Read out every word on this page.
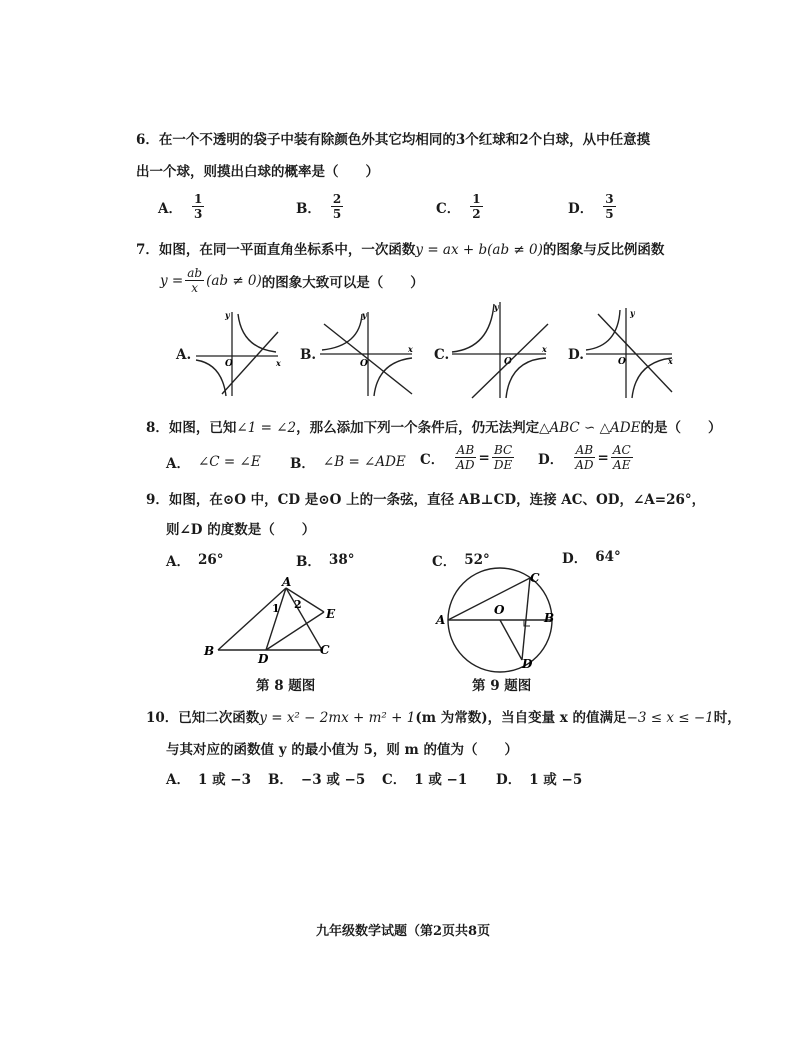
6．在一个不透明的袋子中装有除颜色外其它均相同的3个红球和2个白球，从中任意摸
出一个球，则摸出白球的概率是（　　）
A． $\frac{1}{3}$	B． $\frac{2}{5}$	C． $\frac{1}{2}$	D． $\frac{3}{5}$
7．如图，在同一平面直角坐标系中，一次函数y = ax + b(ab ≠ 0)的图象与反比例函数
$y = \frac{ab}{x} (ab \ne 0)$ 的图象大致可以是（　　）
A.	x
y
O
B.	x
y
O
C.	x
y
O	D.	x
y
O
8．如图，已知∠1 = ∠2，那么添加下列一个条件后，仍无法判定△ABC ∽ △ADE的是（　　）
A． ∠C = ∠E B． ∠B = ∠ADE C． $\frac{AB}{AD} = \frac{BC}{DE}$ D． $\frac{AB}{AD} = \frac{AC}{AE}$
9．如图，在⊙O 中，CD 是⊙O 上的一条弦，直径 AB⊥CD，连接 AC、OD，∠A=26°，
则∠D 的度数是（　　）
A． 26°	B． 38°	C． 52°	D． 64°
A
B	C
D
E
1 2
第 8 题图
A	B
C
D
O
第 9 题图
10．已知二次函数y = x² − 2mx + m² + 1(m 为常数)，当自变量 x 的值满足−3 ≤ x ≤ −1时，
与其对应的函数值 y 的最小值为 5，则 m 的值为（　　）
A． 1 或 −3 B． −3 或 −5 C． 1 或 −1 D． 1 或 −5
九年级数学试题（第2页共8页
